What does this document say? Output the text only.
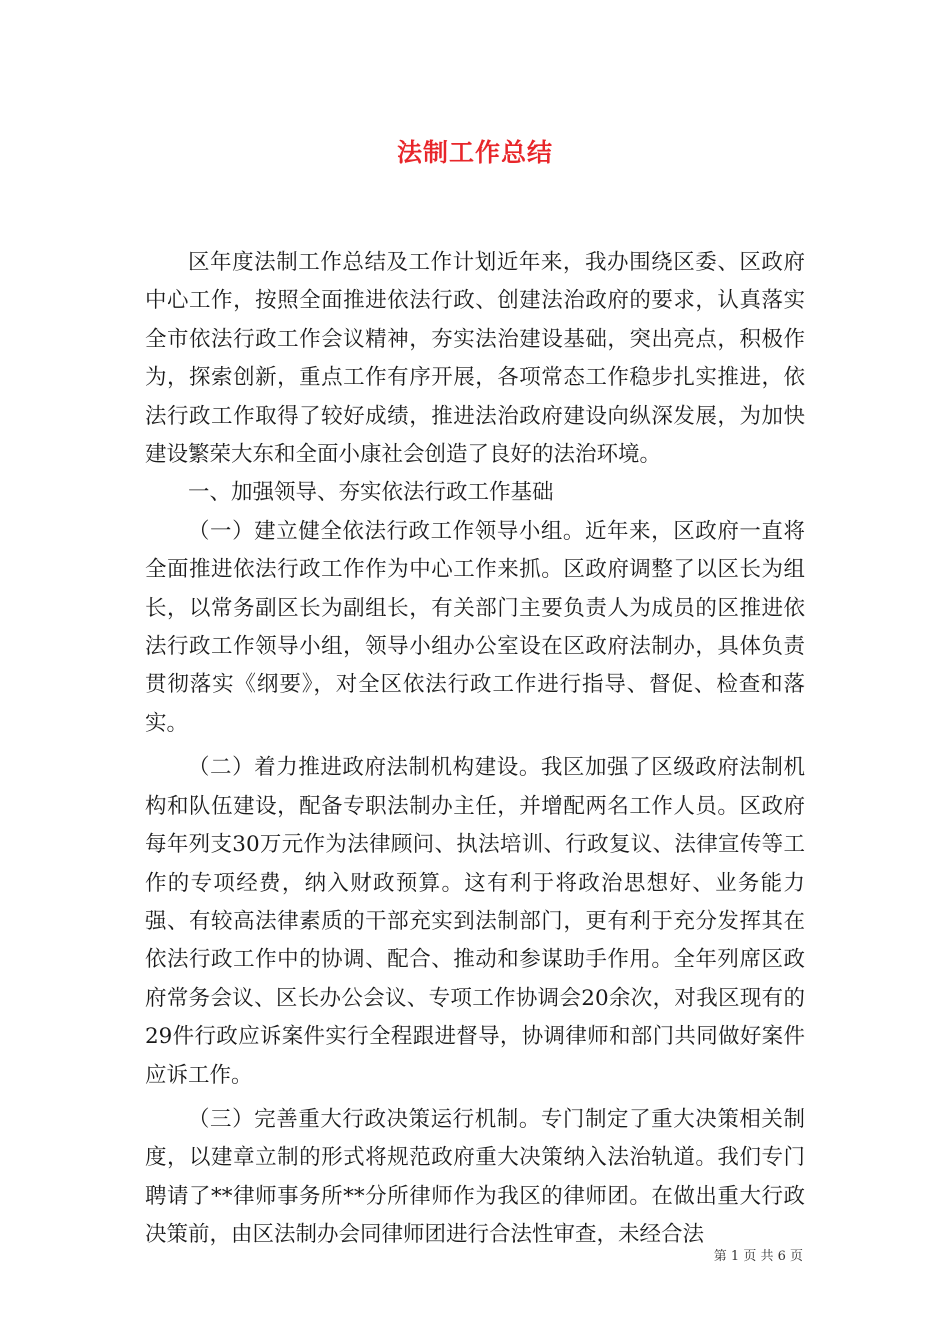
法制工作总结

区年度法制工作总结及工作计划近年来，我办围绕区委、区政府中心工作，按照全面推进依法行政、创建法治政府的要求，认真落实全市依法行政工作会议精神，夯实法治建设基础，突出亮点，积极作为，探索创新，重点工作有序开展，各项常态工作稳步扎实推进，依法行政工作取得了较好成绩，推进法治政府建设向纵深发展，为加快建设繁荣大东和全面小康社会创造了良好的法治环境。

一、加强领导、夯实依法行政工作基础

（一）建立健全依法行政工作领导小组。近年来，区政府一直将全面推进依法行政工作作为中心工作来抓。区政府调整了以区长为组长，以常务副区长为副组长，有关部门主要负责人为成员的区推进依法行政工作领导小组，领导小组办公室设在区政府法制办，具体负责贯彻落实《纲要》，对全区依法行政工作进行指导、督促、检查和落实。

（二）着力推进政府法制机构建设。我区加强了区级政府法制机构和队伍建设，配备专职法制办主任，并增配两名工作人员。区政府每年列支30万元作为法律顾问、执法培训、行政复议、法律宣传等工作的专项经费，纳入财政预算。这有利于将政治思想好、业务能力强、有较高法律素质的干部充实到法制部门，更有利于充分发挥其在依法行政工作中的协调、配合、推动和参谋助手作用。全年列席区政府常务会议、区长办公会议、专项工作协调会20余次，对我区现有的29件行政应诉案件实行全程跟进督导，协调律师和部门共同做好案件应诉工作。

（三）完善重大行政决策运行机制。专门制定了重大决策相关制度，以建章立制的形式将规范政府重大决策纳入法治轨道。我们专门聘请了**律师事务所**分所律师作为我区的律师团。在做出重大行政决策前，由区法制办会同律师团进行合法性审查，未经合法

第 1 页 共 6 页
